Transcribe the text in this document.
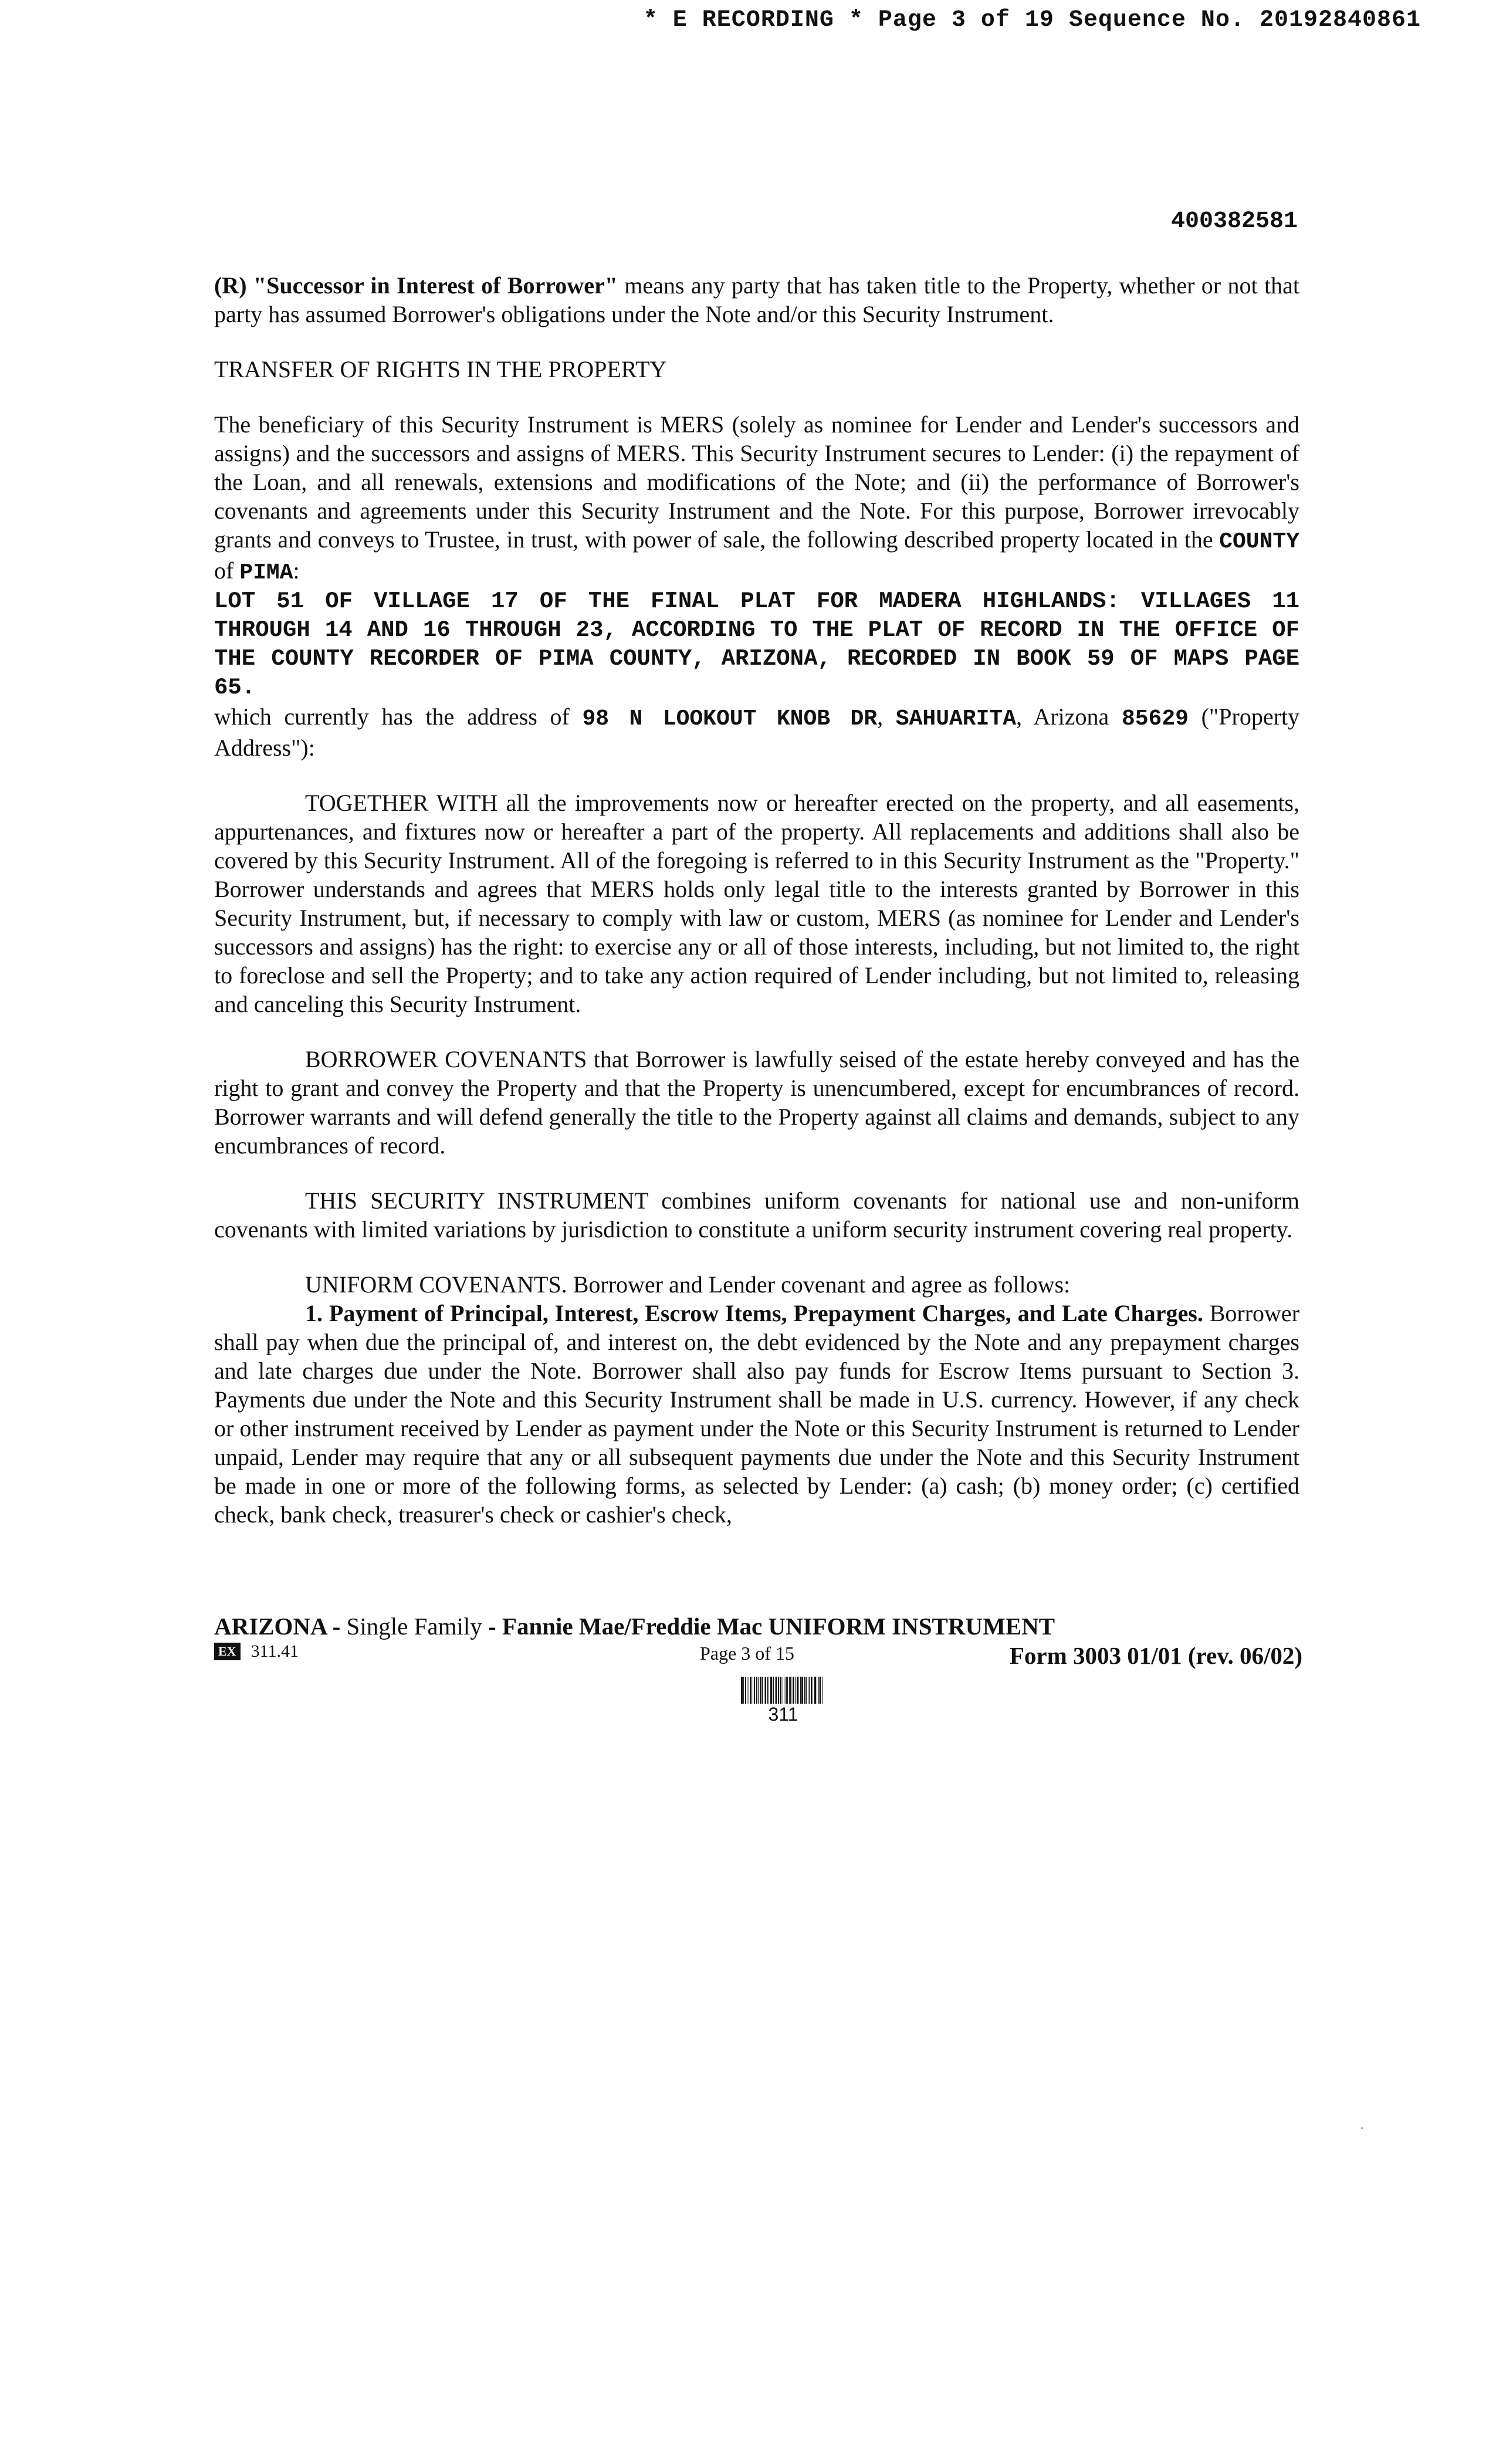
* E RECORDING * Page 3 of 19 Sequence No. 20192840861
400382581

(R) "Successor in Interest of Borrower" means any party that has taken title to the Property, whether or not that party has assumed Borrower's obligations under the Note and/or this Security Instrument.

TRANSFER OF RIGHTS IN THE PROPERTY

The beneficiary of this Security Instrument is MERS (solely as nominee for Lender and Lender's successors and assigns) and the successors and assigns of MERS. This Security Instrument secures to Lender: (i) the repayment of the Loan, and all renewals, extensions and modifications of the Note; and (ii) the performance of Borrower's covenants and agreements under this Security Instrument and the Note. For this purpose, Borrower irrevocably grants and conveys to Trustee, in trust, with power of sale, the following described property located in the COUNTY of PIMA:

LOT 51 OF VILLAGE 17 OF THE FINAL PLAT FOR MADERA HIGHLANDS: VILLAGES 11 THROUGH 14 AND 16 THROUGH 23, ACCORDING TO THE PLAT OF RECORD IN THE OFFICE OF THE COUNTY RECORDER OF PIMA COUNTY, ARIZONA, RECORDED IN BOOK 59 OF MAPS PAGE 65.

which currently has the address of 98 N LOOKOUT KNOB DR, SAHUARITA, Arizona 85629 ("Property Address"):

TOGETHER WITH all the improvements now or hereafter erected on the property, and all easements, appurtenances, and fixtures now or hereafter a part of the property. All replacements and additions shall also be covered by this Security Instrument. All of the foregoing is referred to in this Security Instrument as the "Property." Borrower understands and agrees that MERS holds only legal title to the interests granted by Borrower in this Security Instrument, but, if necessary to comply with law or custom, MERS (as nominee for Lender and Lender's successors and assigns) has the right: to exercise any or all of those interests, including, but not limited to, the right to foreclose and sell the Property; and to take any action required of Lender including, but not limited to, releasing and canceling this Security Instrument.

BORROWER COVENANTS that Borrower is lawfully seised of the estate hereby conveyed and has the right to grant and convey the Property and that the Property is unencumbered, except for encumbrances of record. Borrower warrants and will defend generally the title to the Property against all claims and demands, subject to any encumbrances of record.

THIS SECURITY INSTRUMENT combines uniform covenants for national use and non-uniform covenants with limited variations by jurisdiction to constitute a uniform security instrument covering real property.

UNIFORM COVENANTS. Borrower and Lender covenant and agree as follows:

1. Payment of Principal, Interest, Escrow Items, Prepayment Charges, and Late Charges. Borrower shall pay when due the principal of, and interest on, the debt evidenced by the Note and any prepayment charges and late charges due under the Note. Borrower shall also pay funds for Escrow Items pursuant to Section 3. Payments due under the Note and this Security Instrument shall be made in U.S. currency. However, if any check or other instrument received by Lender as payment under the Note or this Security Instrument is returned to Lender unpaid, Lender may require that any or all subsequent payments due under the Note and this Security Instrument be made in one or more of the following forms, as selected by Lender: (a) cash; (b) money order; (c) certified check, bank check, treasurer's check or cashier's check,

ARIZONA - Single Family - Fannie Mae/Freddie Mac UNIFORM INSTRUMENT
EX 311.41	Page 3 of 15	Form 3003 01/01 (rev. 06/02)
311
